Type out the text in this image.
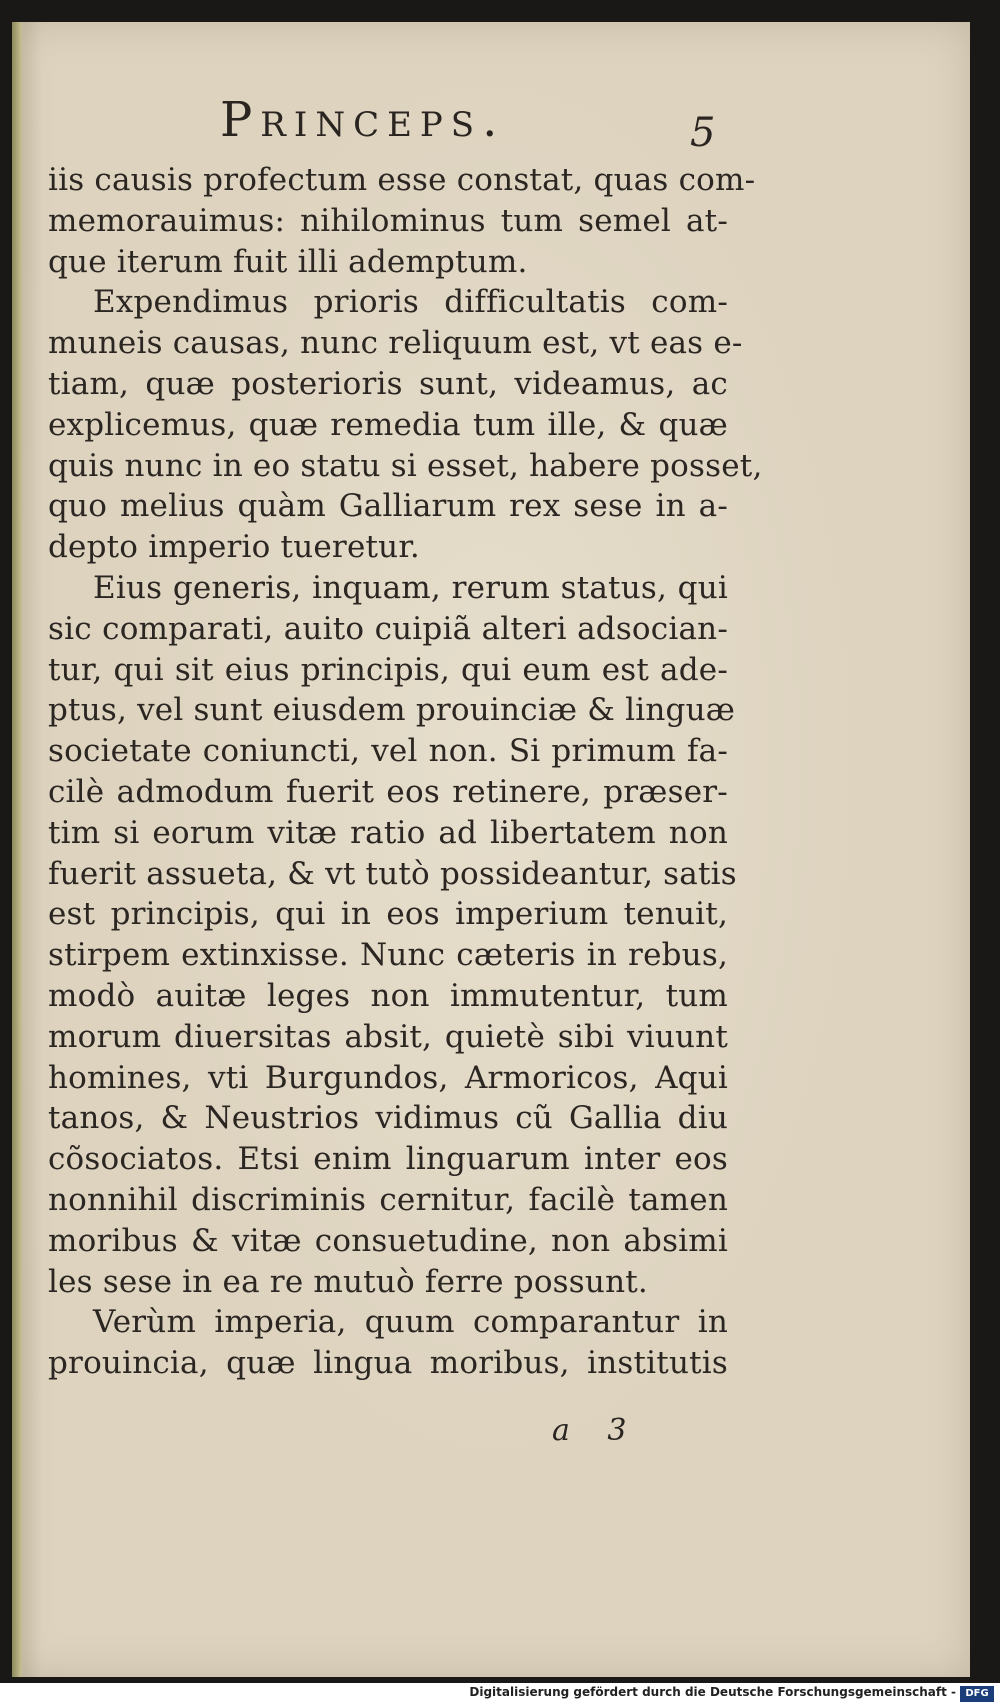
Princeps.	5
iis causis profectum esse constat, quas com-
memorauimus: nihilominus tum semel at-
que iterum fuit illi ademptum.
Expendimus prioris difficultatis com-
muneis causas, nunc reliquum est, vt eas e-
tiam, quæ posterioris sunt, videamus, ac
explicemus, quæ remedia tum ille, & quæ
quis nunc in eo statu si esset, habere posset,
quo melius quàm Galliarum rex sese in a-
depto imperio tueretur.
Eius generis, inquam, rerum status, qui
sic comparati, auito cuipiã alteri adsocian-
tur, qui sit eius principis, qui eum est ade-
ptus, vel sunt eiusdem prouinciæ & linguæ
societate coniuncti, vel non. Si primum fa-
cilè admodum fuerit eos retinere, præser-
tim si eorum vitæ ratio ad libertatem non
fuerit assueta, & vt tutò possideantur, satis
est principis, qui in eos imperium tenuit,
stirpem extinxisse. Nunc cæteris in rebus,
modò auitæ leges non immutentur, tum
morum diuersitas absit, quietè sibi viuunt
homines, vti Burgundos, Armoricos, Aqui
tanos, & Neustrios vidimus cũ Gallia diu
cõsociatos. Etsi enim linguarum inter eos
nonnihil discriminis cernitur, facilè tamen
moribus & vitæ consuetudine, non absimi
les sese in ea re mutuò ferre possunt.
Verùm imperia, quum comparantur in
prouincia, quæ lingua moribus, institutis
a 3
Digitalisierung gefördert durch die Deutsche Forschungsgemeinschaft - DFG
